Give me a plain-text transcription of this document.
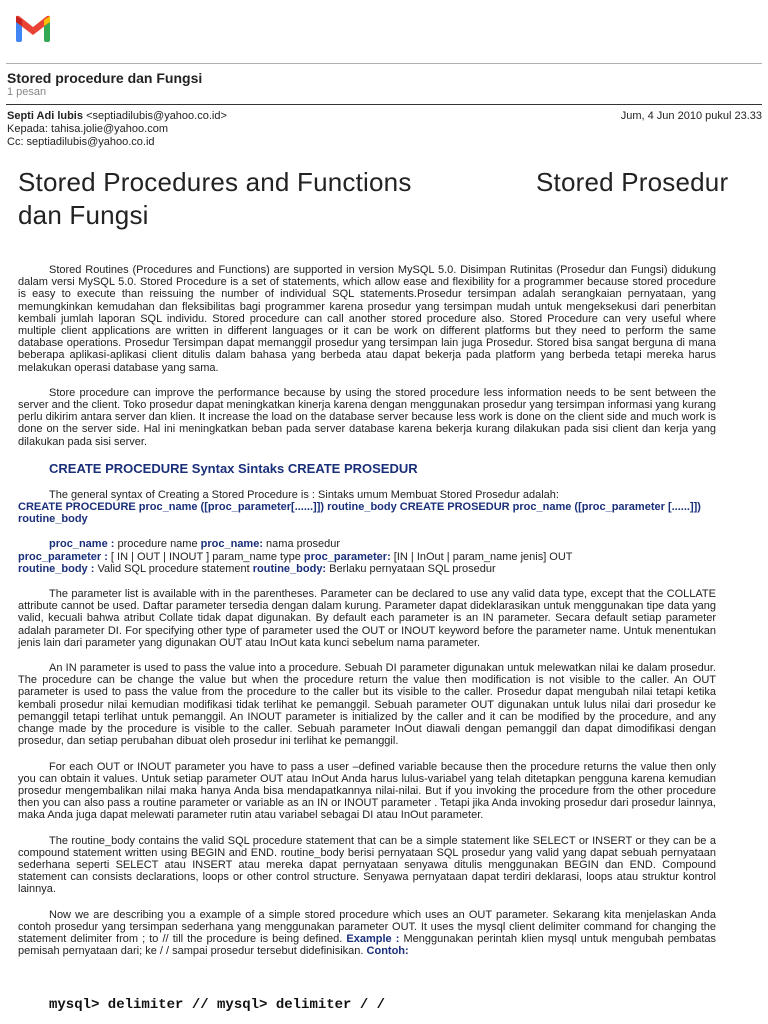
Stored procedure dan Fungsi
1 pesan
Septi Adi lubis <septiadilubis@yahoo.co.id>	Jum, 4 Jun 2010 pukul 23.33
Kepada: tahisa.jolie@yahoo.com
Cc: septiadilubis@yahoo.co.id
Stored Procedures and Functions	Stored Prosedur

dan Fungsi

Stored Routines (Procedures and Functions) are supported in version MySQL 5.0. Disimpan Rutinitas (Prosedur dan Fungsi) didukung dalam versi MySQL 5.0. Stored Procedure is a set of statements, which allow ease and flexibility for a programmer because stored procedure is easy to execute than reissuing the number of individual SQL statements.Prosedur tersimpan adalah serangkaian pernyataan, yang memungkinkan kemudahan dan fleksibilitas bagi programmer karena prosedur yang tersimpan mudah untuk mengeksekusi dari penerbitan kembali jumlah laporan SQL individu. Stored procedure can call another stored procedure also. Stored Procedure can very useful where multiple client applications are written in different languages or it can be work on different platforms but they need to perform the same database operations. Prosedur Tersimpan dapat memanggil prosedur yang tersimpan lain juga Prosedur. Stored bisa sangat berguna di mana beberapa aplikasi-aplikasi client ditulis dalam bahasa yang berbeda atau dapat bekerja pada platform yang berbeda tetapi mereka harus melakukan operasi database yang sama.

Store procedure can improve the performance because by using the stored procedure less information needs to be sent between the server and the client. Toko prosedur dapat meningkatkan kinerja karena dengan menggunakan prosedur yang tersimpan informasi yang kurang perlu dikirim antara server dan klien. It increase the load on the database server because less work is done on the client side and much work is done on the server side. Hal ini meningkatkan beban pada server database karena bekerja kurang dilakukan pada sisi client dan kerja yang dilakukan pada sisi server.

CREATE PROCEDURE Syntax Sintaks CREATE PROSEDUR
The general syntax of Creating a Stored Procedure is : Sintaks umum Membuat Stored Prosedur adalah:
CREATE PROCEDURE proc_name ([proc_parameter[......]]) routine_body CREATE PROSEDUR proc_name ([proc_parameter [......]]) routine_body
proc_name : procedure name proc_name: nama prosedur
proc_parameter : [ IN | OUT | INOUT ] param_name type proc_parameter: [IN | InOut | param_name jenis] OUT
routine_body : Valid SQL procedure statement routine_body: Berlaku pernyataan SQL prosedur

The parameter list is available with in the parentheses. Parameter can be declared to use any valid data type, except that the COLLATE attribute cannot be used. Daftar parameter tersedia dengan dalam kurung. Parameter dapat dideklarasikan untuk menggunakan tipe data yang valid, kecuali bahwa atribut Collate tidak dapat digunakan. By default each parameter is an IN parameter. Secara default setiap parameter adalah parameter DI. For specifying other type of parameter used the OUT or INOUT keyword before the parameter name. Untuk menentukan jenis lain dari parameter yang digunakan OUT atau InOut kata kunci sebelum nama parameter.

An IN parameter is used to pass the value into a procedure. Sebuah DI parameter digunakan untuk melewatkan nilai ke dalam prosedur. The procedure can be change the value but when the procedure return the value then modification is not visible to the caller. An OUT parameter is used to pass the value from the procedure to the caller but its visible to the caller. Prosedur dapat mengubah nilai tetapi ketika kembali prosedur nilai kemudian modifikasi tidak terlihat ke pemanggil. Sebuah parameter OUT digunakan untuk lulus nilai dari prosedur ke pemanggil tetapi terlihat untuk pemanggil. An INOUT parameter is initialized by the caller and it can be modified by the procedure, and any change made by the procedure is visible to the caller. Sebuah parameter InOut diawali dengan pemanggil dan dapat dimodifikasi dengan prosedur, dan setiap perubahan dibuat oleh prosedur ini terlihat ke pemanggil.

For each OUT or INOUT parameter you have to pass a user –defined variable because then the procedure returns the value then only you can obtain it values. Untuk setiap parameter OUT atau InOut Anda harus lulus-variabel yang telah ditetapkan pengguna karena kemudian prosedur mengembalikan nilai maka hanya Anda bisa mendapatkannya nilai-nilai. But if you invoking the procedure from the other procedure then you can also pass a routine parameter or variable as an IN or INOUT parameter . Tetapi jika Anda invoking prosedur dari prosedur lainnya, maka Anda juga dapat melewati parameter rutin atau variabel sebagai DI atau InOut parameter.

The routine_body contains the valid SQL procedure statement that can be a simple statement like SELECT or INSERT or they can be a compound statement written using BEGIN and END. routine_body berisi pernyataan SQL prosedur yang valid yang dapat sebuah pernyataan sederhana seperti SELECT atau INSERT atau mereka dapat pernyataan senyawa ditulis menggunakan BEGIN dan END. Compound statement can consists declarations, loops or other control structure. Senyawa pernyataan dapat terdiri deklarasi, loops atau struktur kontrol lainnya.

Now we are describing you a example of a simple stored procedure which uses an OUT parameter. Sekarang kita menjelaskan Anda contoh prosedur yang tersimpan sederhana yang menggunakan parameter OUT. It uses the mysql client delimiter command for changing the statement delimiter from ; to // till the procedure is being defined. Example : Menggunakan perintah klien mysql untuk mengubah pembatas pemisah pernyataan dari; ke / / sampai prosedur tersebut didefinisikan. Contoh:

mysql> delimiter // mysql> delimiter / /
